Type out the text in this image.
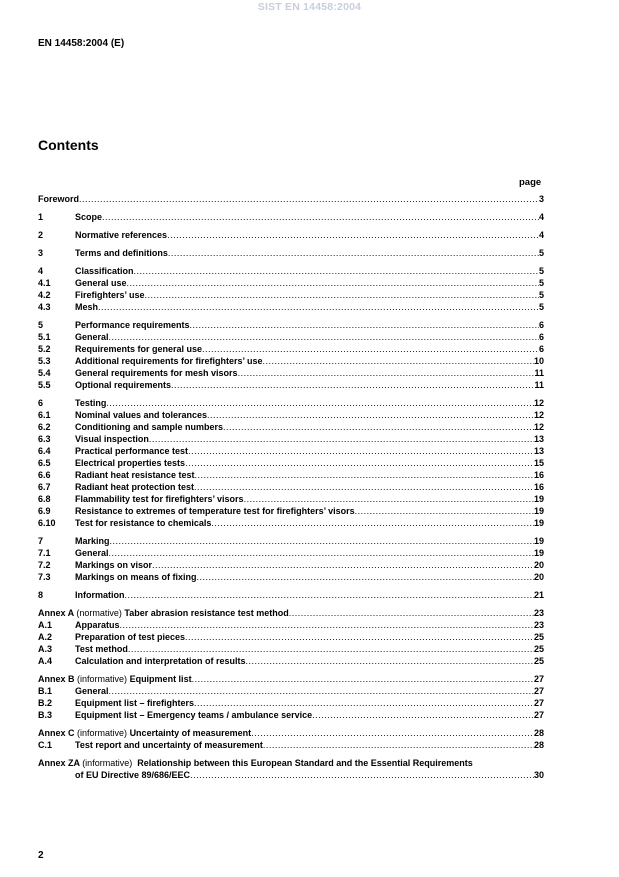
SIST EN 14458:2004
EN 14458:2004 (E)
Contents
page
Foreword .....	3
1	Scope .....	4
2	Normative references .....	4
3	Terms and definitions .....	5
4	Classification .....	5
4.1	General use .....	5
4.2	Firefighters’ use .....	5
4.3	Mesh .....	5
5	Performance requirements .....	6
5.1	General .....	6
5.2	Requirements for general use .....	6
5.3	Additional requirements for firefighters’ use .....	10
5.4	General requirements for mesh visors .....	11
5.5	Optional requirements .....	11
6	Testing .....	12
6.1	Nominal values and tolerances .....	12
6.2	Conditioning and sample numbers .....	12
6.3	Visual inspection .....	13
6.4	Practical performance test .....	13
6.5	Electrical properties tests .....	15
6.6	Radiant heat resistance test .....	16
6.7	Radiant heat protection test .....	16
6.8	Flammability test for firefighters’ visors .....	19
6.9	Resistance to extremes of temperature test for firefighters’ visors .....	19
6.10	Test for resistance to chemicals .....	19
7	Marking .....	19
7.1	General .....	19
7.2	Markings on visor .....	20
7.3	Markings on means of fixing .....	20
8	Information .....	21
Annex A (normative) Taber abrasion resistance test method .....	23
A.1	Apparatus .....	23
A.2	Preparation of test pieces .....	25
A.3	Test method .....	25
A.4	Calculation and interpretation of results .....	25
Annex B (informative) Equipment list .....	27
B.1	General .....	27
B.2	Equipment list – firefighters .....	27
B.3	Equipment list – Emergency teams / ambulance service .....	27
Annex C (informative) Uncertainty of measurement .....	28
C.1	Test report and uncertainty of measurement .....	28
Annex ZA (informative) Relationship between this European Standard and the Essential Requirements
of EU Directive 89/686/EEC .....	30
2
